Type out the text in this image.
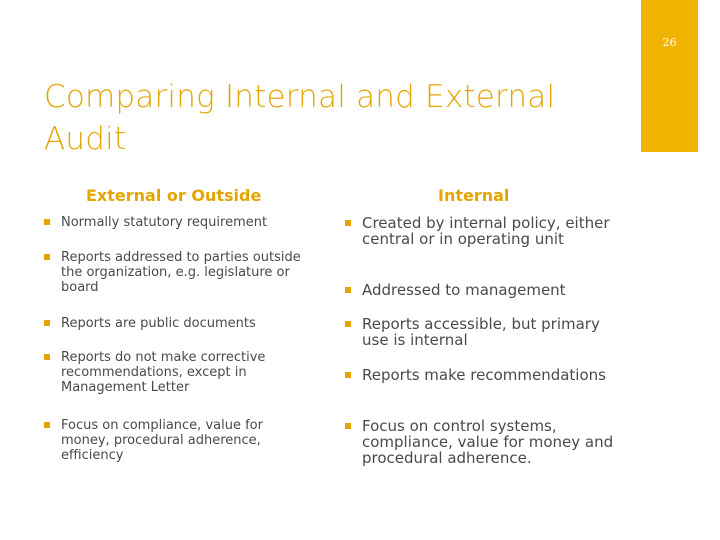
26
Comparing Internal and External Audit
External or Outside	Internal
Normally statutory requirement
Reports addressed to parties outside the organization, e.g. legislature or board
Reports are public documents
Reports do not make corrective recommendations, except in Management Letter
Focus on compliance, value for money, procedural adherence, efficiency
Created by internal policy, either central or in operating unit
Addressed to management
Reports accessible, but primary use is internal
Reports make recommendations
Focus on control systems, compliance, value for money and procedural adherence.
